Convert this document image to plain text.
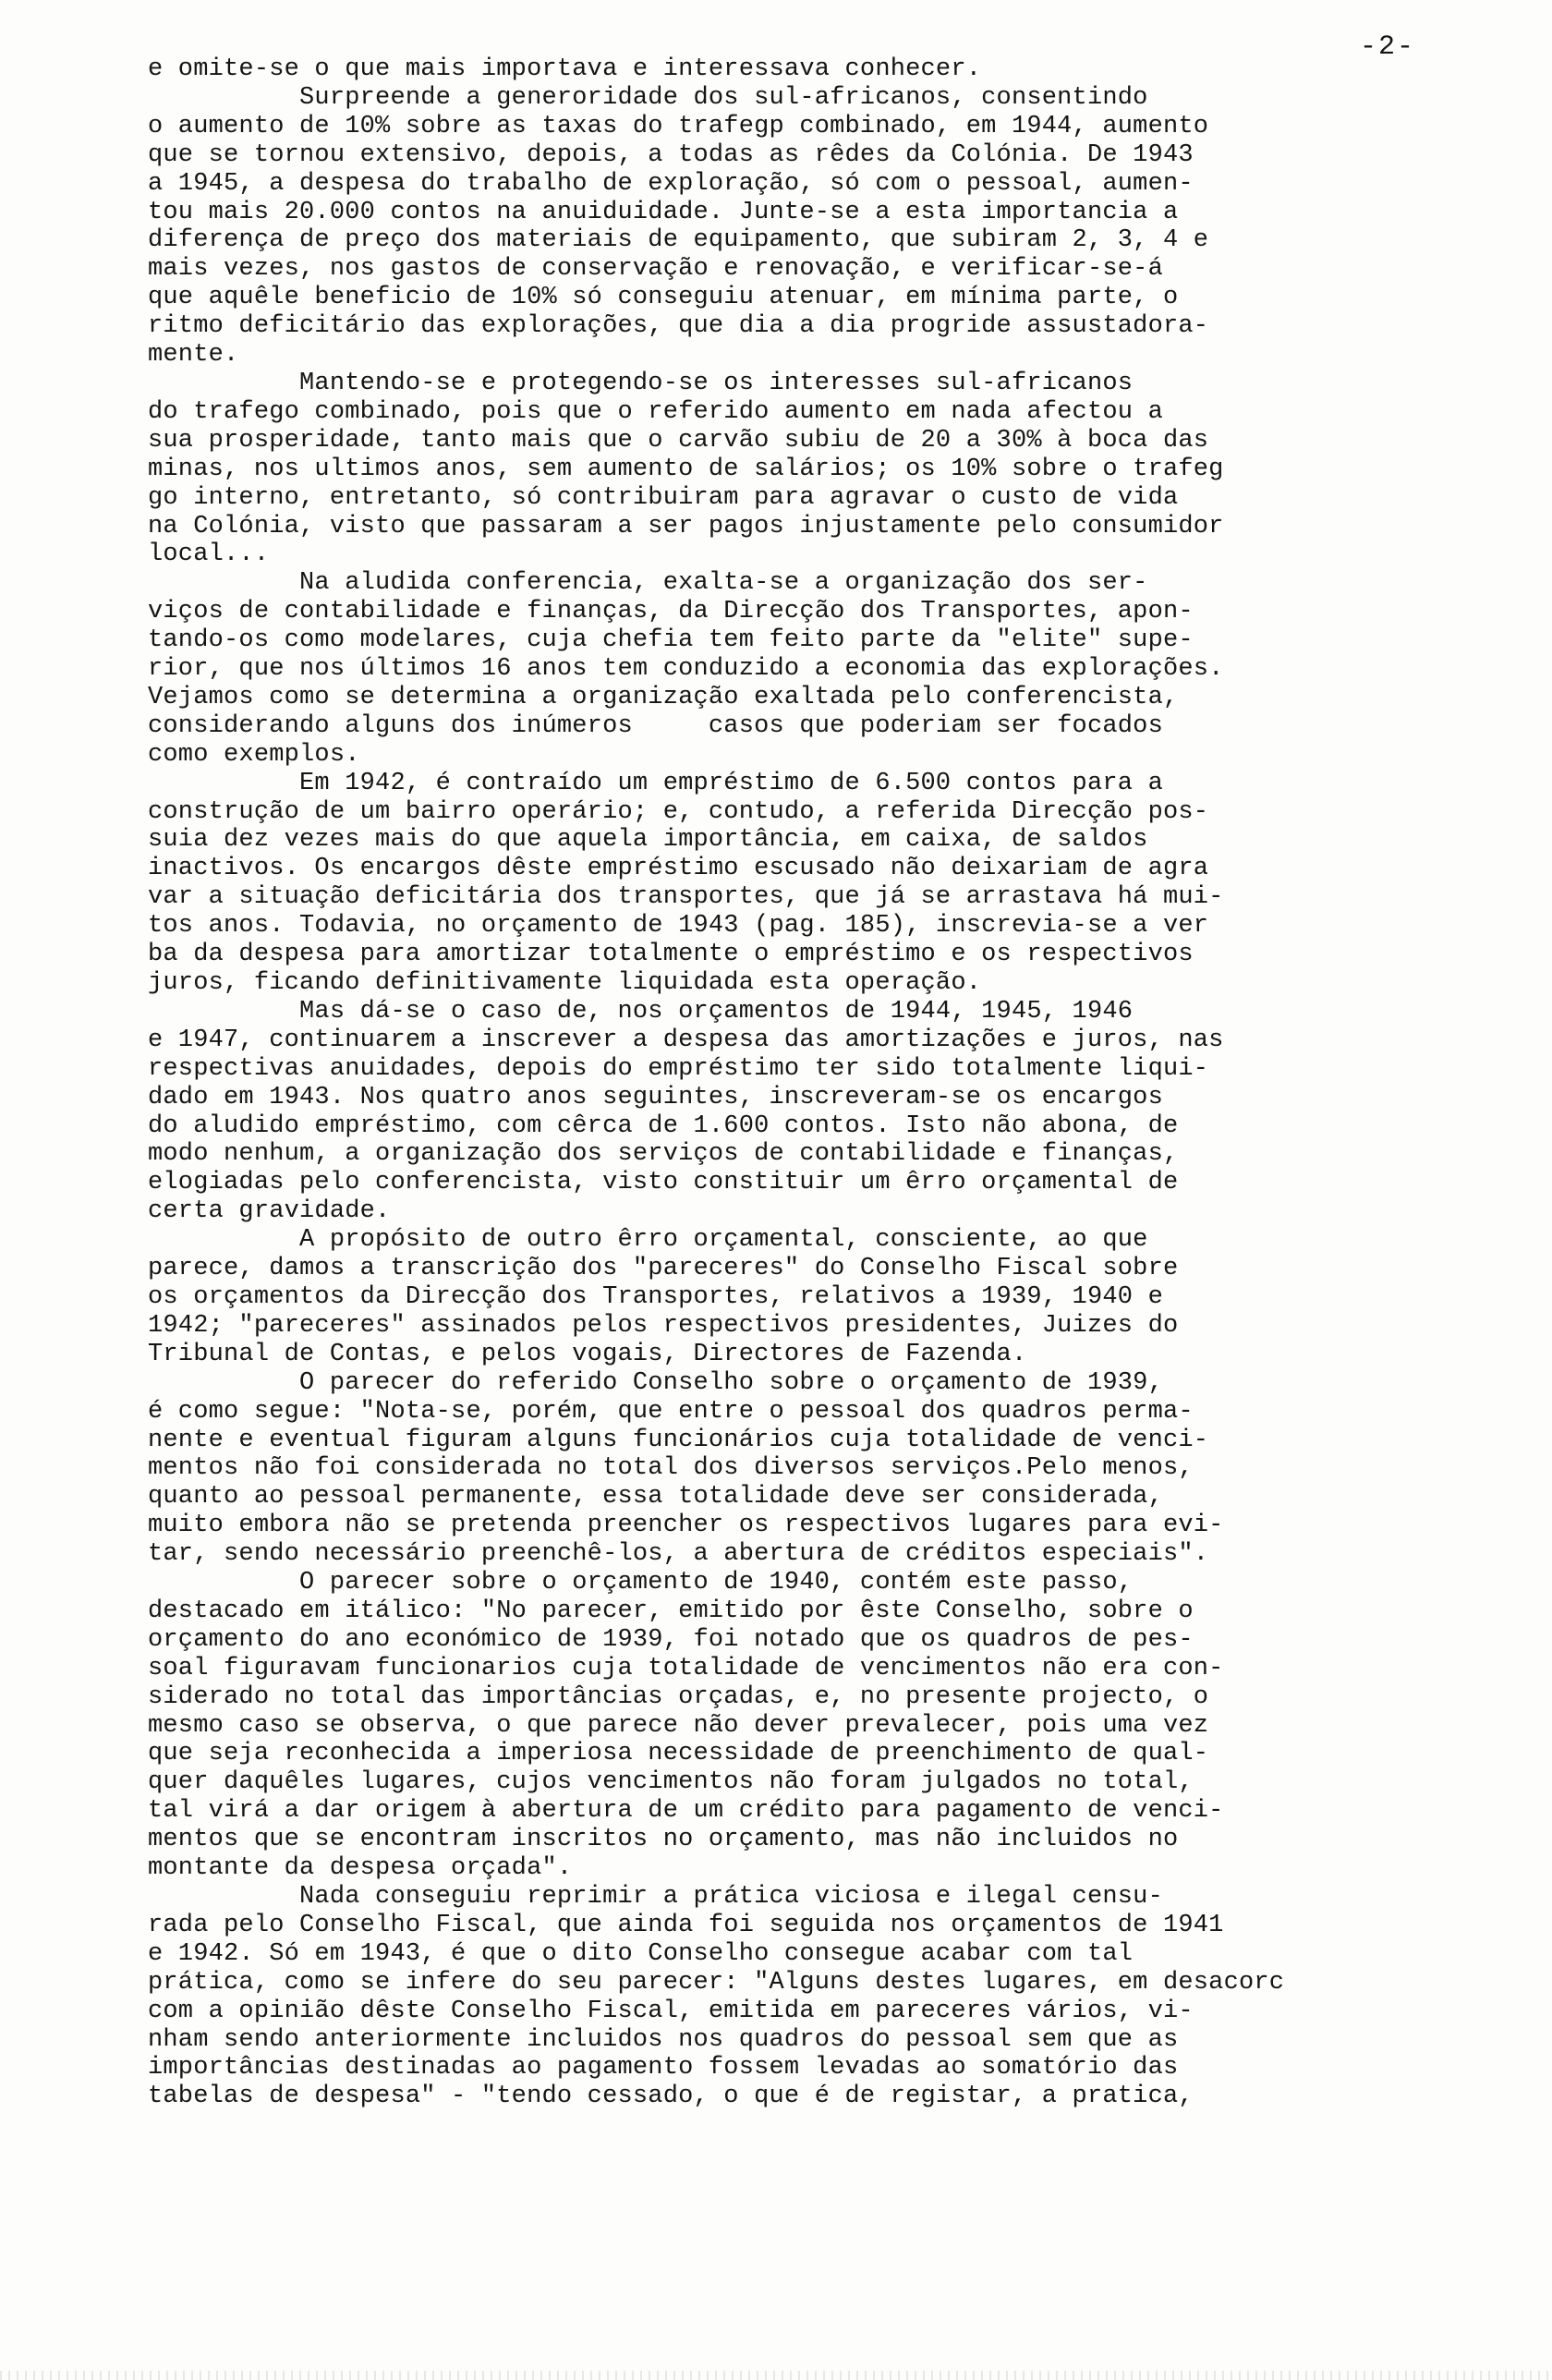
-2-

e omite-se o que mais importava e interessava conhecer.

Surpreende a generoridade dos sul-africanos, consentindo

o aumento de 10% sobre as taxas do trafegp combinado, em 1944, aumento

que se tornou extensivo, depois, a todas as rêdes da Colónia. De 1943

a 1945, a despesa do trabalho de exploração, só com o pessoal, aumen-

tou mais 20.000 contos na anuiduidade. Junte-se a esta importancia a

diferença de preço dos materiais de equipamento, que subiram 2, 3, 4 e

mais vezes, nos gastos de conservação e renovação, e verificar-se-á

que aquêle beneficio de 10% só conseguiu atenuar, em mínima parte, o

ritmo deficitário das explorações, que dia a dia progride assustadora-

mente.

Mantendo-se e protegendo-se os interesses sul-africanos

do trafego combinado, pois que o referido aumento em nada afectou a

sua prosperidade, tanto mais que o carvão subiu de 20 a 30% à boca das

minas, nos ultimos anos, sem aumento de salários; os 10% sobre o trafeg

go interno, entretanto, só contribuiram para agravar o custo de vida

na Colónia, visto que passaram a ser pagos injustamente pelo consumidor

local...

Na aludida conferencia, exalta-se a organização dos ser-

viços de contabilidade e finanças, da Direcção dos Transportes, apon-

tando-os como modelares, cuja chefia tem feito parte da "elite" supe-

rior, que nos últimos 16 anos tem conduzido a economia das explorações.

Vejamos como se determina a organização exaltada pelo conferencista,

considerando alguns dos inúmeros     casos que poderiam ser focados

como exemplos.

Em 1942, é contraído um empréstimo de 6.500 contos para a

construção de um bairro operário; e, contudo, a referida Direcção pos-

suia dez vezes mais do que aquela importância, em caixa, de saldos

inactivos. Os encargos dêste empréstimo escusado não deixariam de agra

var a situação deficitária dos transportes, que já se arrastava há mui-

tos anos. Todavia, no orçamento de 1943 (pag. 185), inscrevia-se a ver

ba da despesa para amortizar totalmente o empréstimo e os respectivos

juros, ficando definitivamente liquidada esta operação.

Mas dá-se o caso de, nos orçamentos de 1944, 1945, 1946

e 1947, continuarem a inscrever a despesa das amortizações e juros, nas

respectivas anuidades, depois do empréstimo ter sido totalmente liqui-

dado em 1943. Nos quatro anos seguintes, inscreveram-se os encargos

do aludido empréstimo, com cêrca de 1.600 contos. Isto não abona, de

modo nenhum, a organização dos serviços de contabilidade e finanças,

elogiadas pelo conferencista, visto constituir um êrro orçamental de

certa gravidade.

A propósito de outro êrro orçamental, consciente, ao que

parece, damos a transcrição dos "pareceres" do Conselho Fiscal sobre

os orçamentos da Direcção dos Transportes, relativos a 1939, 1940 e

1942; "pareceres" assinados pelos respectivos presidentes, Juizes do

Tribunal de Contas, e pelos vogais, Directores de Fazenda.

O parecer do referido Conselho sobre o orçamento de 1939,

é como segue: "Nota-se, porém, que entre o pessoal dos quadros perma-

nente e eventual figuram alguns funcionários cuja totalidade de venci-

mentos não foi considerada no total dos diversos serviços.Pelo menos,

quanto ao pessoal permanente, essa totalidade deve ser considerada,

muito embora não se pretenda preencher os respectivos lugares para evi-

tar, sendo necessário preenchê-los, a abertura de créditos especiais".

O parecer sobre o orçamento de 1940, contém este passo,

destacado em itálico: "No parecer, emitido por êste Conselho, sobre o

orçamento do ano económico de 1939, foi notado que os quadros de pes-

soal figuravam funcionarios cuja totalidade de vencimentos não era con-

siderado no total das importâncias orçadas, e, no presente projecto, o

mesmo caso se observa, o que parece não dever prevalecer, pois uma vez

que seja reconhecida a imperiosa necessidade de preenchimento de qual-

quer daquêles lugares, cujos vencimentos não foram julgados no total,

tal virá a dar origem à abertura de um crédito para pagamento de venci-

mentos que se encontram inscritos no orçamento, mas não incluidos no

montante da despesa orçada".

Nada conseguiu reprimir a prática viciosa e ilegal censu-

rada pelo Conselho Fiscal, que ainda foi seguida nos orçamentos de 1941

e 1942. Só em 1943, é que o dito Conselho consegue acabar com tal

prática, como se infere do seu parecer: "Alguns destes lugares, em desacorc

com a opinião dêste Conselho Fiscal, emitida em pareceres vários, vi-

nham sendo anteriormente incluidos nos quadros do pessoal sem que as

importâncias destinadas ao pagamento fossem levadas ao somatório das

tabelas de despesa" - "tendo cessado, o que é de registar, a pratica,
